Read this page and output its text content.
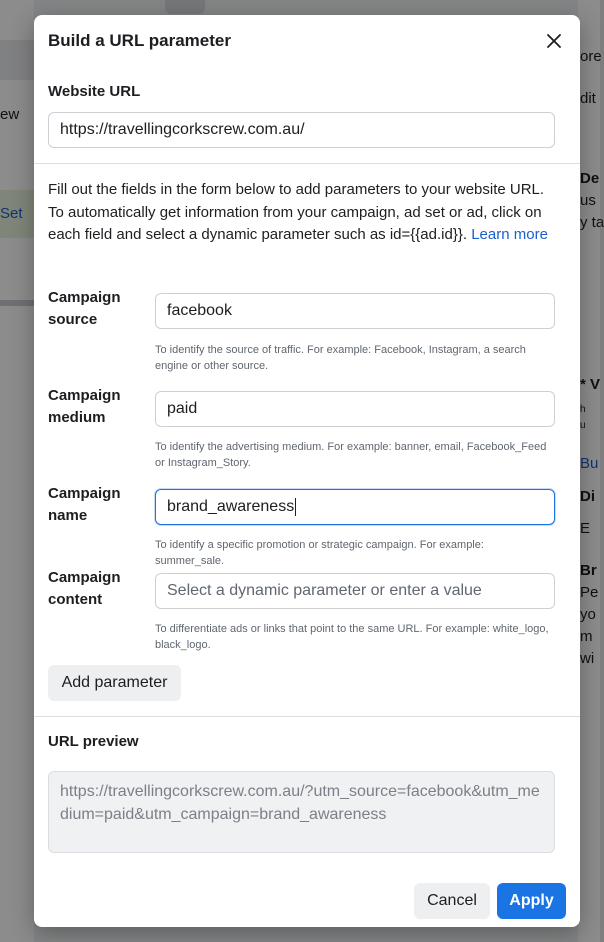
ew
Set
ore
dit
De
us
y ta
* V
h
u
Bu
Di
E
Br
Pe
yo
m
wi
Build a URL parameter
Website URL
https://travellingcorkscrew.com.au/
Fill out the fields in the form below to add parameters to your website URL. To automatically get information from your campaign, ad set or ad, click on each field and select a dynamic parameter such as id={{ad.id}}. Learn more
Campaign source
facebook
To identify the source of traffic. For example: Facebook, Instagram, a search engine or other source.
Campaign medium
paid
To identify the advertising medium. For example: banner, email, Facebook_Feed or Instagram_Story.
Campaign name
brand_awareness
To identify a specific promotion or strategic campaign. For example: summer_sale.
Campaign content
Select a dynamic parameter or enter a value
To differentiate ads or links that point to the same URL. For example: white_logo, black_logo.
Add parameter
URL preview
https://travellingcorkscrew.com.au/?utm_source=facebook&utm_medium=paid&utm_campaign=brand_awareness
Cancel	Apply
